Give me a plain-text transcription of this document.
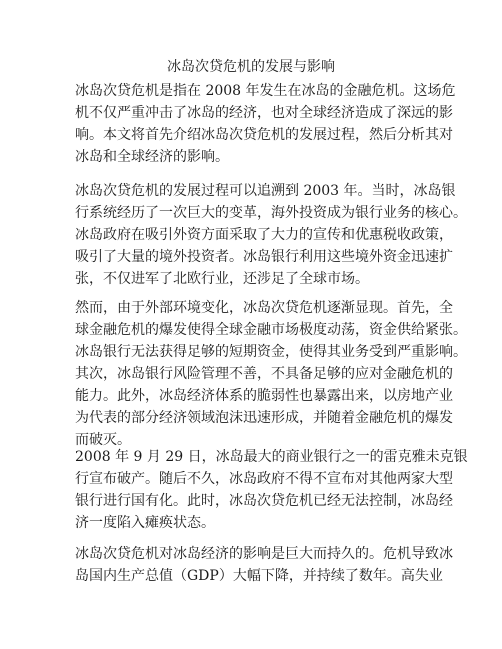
冰岛次贷危机的发展与影响
冰岛次贷危机是指在 2008 年发生在冰岛的金融危机。这场危
机不仅严重冲击了冰岛的经济，也对全球经济造成了深远的影
响。本文将首先介绍冰岛次贷危机的发展过程，然后分析其对
冰岛和全球经济的影响。
冰岛次贷危机的发展过程可以追溯到 2003 年。当时，冰岛银
行系统经历了一次巨大的变革，海外投资成为银行业务的核心。
冰岛政府在吸引外资方面采取了大力的宣传和优惠税收政策，
吸引了大量的境外投资者。冰岛银行利用这些境外资金迅速扩
张，不仅进军了北欧行业，还涉足了全球市场。
然而，由于外部环境变化，冰岛次贷危机逐渐显现。首先，全
球金融危机的爆发使得全球金融市场极度动荡，资金供给紧张。
冰岛银行无法获得足够的短期资金，使得其业务受到严重影响。
其次，冰岛银行风险管理不善，不具备足够的应对金融危机的
能力。此外，冰岛经济体系的脆弱性也暴露出来，以房地产业
为代表的部分经济领域泡沫迅速形成，并随着金融危机的爆发
而破灭。
2008 年 9 月 29 日，冰岛最大的商业银行之一的雷克雅未克银
行宣布破产。随后不久，冰岛政府不得不宣布对其他两家大型
银行进行国有化。此时，冰岛次贷危机已经无法控制，冰岛经
济一度陷入瘫痪状态。
冰岛次贷危机对冰岛经济的影响是巨大而持久的。危机导致冰
岛国内生产总值（GDP）大幅下降，并持续了数年。高失业
